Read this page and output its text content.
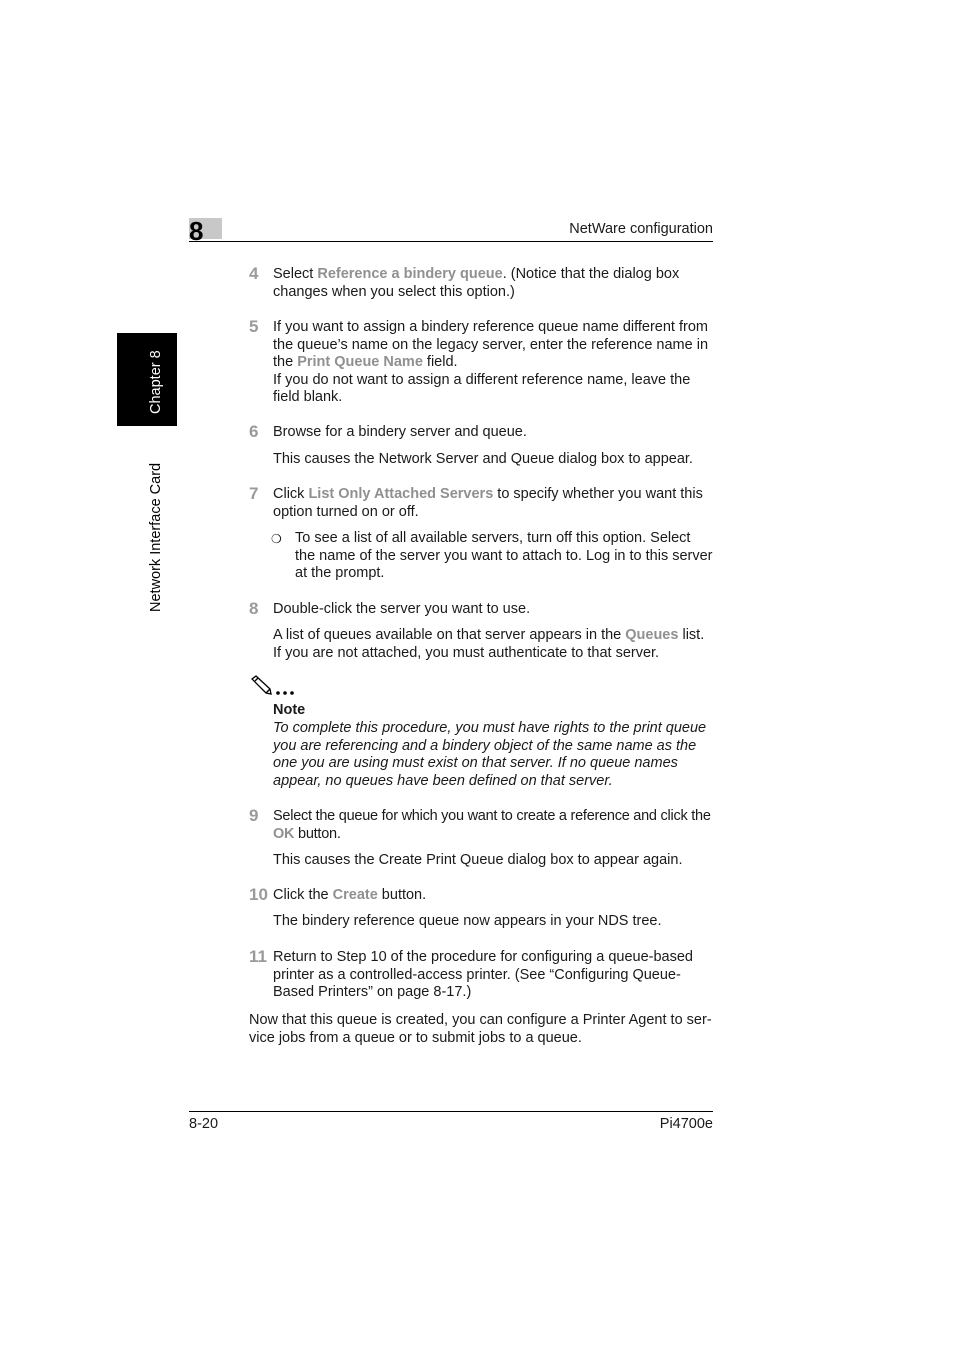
8	NetWare configuration
Chapter 8
Network Interface Card
4 Select Reference a bindery queue. (Notice that the dialog box changes when you select this option.)
5 If you want to assign a bindery reference queue name different from the queue’s name on the legacy server, enter the reference name in the Print Queue Name field.
If you do not want to assign a different reference name, leave the field blank.
6 Browse for a bindery server and queue.
This causes the Network Server and Queue dialog box to appear.
7 Click List Only Attached Servers to specify whether you want this option turned on or off.
❍ To see a list of all available servers, turn off this option. Select the name of the server you want to attach to. Log in to this server at the prompt.
8 Double-click the server you want to use.
A list of queues available on that server appears in the Queues list. If you are not attached, you must authenticate to that server.
Note
To complete this procedure, you must have rights to the print queue you are referencing and a bindery object of the same name as the one you are using must exist on that server. If no queue names appear, no queues have been defined on that server.
9 Select the queue for which you want to create a reference and click the OK button.
This causes the Create Print Queue dialog box to appear again.
10 Click the Create button.
The bindery reference queue now appears in your NDS tree.
11 Return to Step 10 of the procedure for configuring a queue-based printer as a controlled-access printer. (See “Configuring Queue-Based Printers” on page 8-17.)
Now that this queue is created, you can configure a Printer Agent to ser-vice jobs from a queue or to submit jobs to a queue.
8-20	Pi4700e
